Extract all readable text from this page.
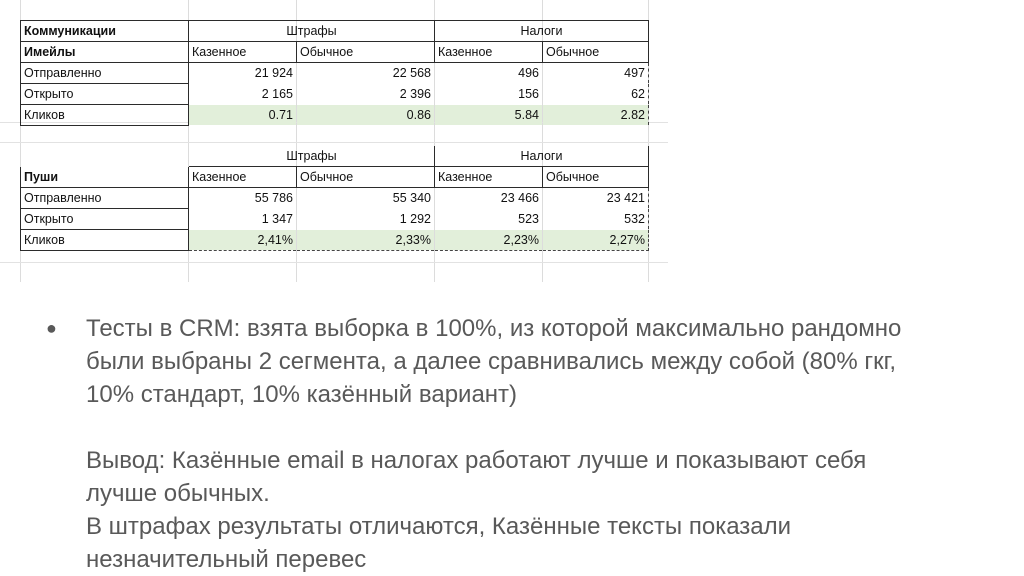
Коммуникации	Штрафы		Налоги	
Имейлы	Казенное	Обычное	Казенное	Обычное
Отправленно	21 924	22 568	496	497
Открыто	2 165	2 396	156	62
Кликов	0.71	0.86	5.84	2.82

	Штрафы		Налоги	
Пуши	Казенное	Обычное	Казенное	Обычное
Отправленно	55 786	55 340	23 466	23 421
Открыто	1 347	1 292	523	532
Кликов	2,41%	2,33%	2,23%	2,27%
● Тесты в CRM: взята выборка в 100%, из которой максимально рандомно
были выбраны 2 сегмента, а далее сравнивались между собой (80% гкг,
10% стандарт, 10% казённый вариант)
Вывод: Казённые email в налогах работают лучше и показывают себя
лучше обычных.
В штрафах результаты отличаются, Казённые тексты показали
незначительный перевес
